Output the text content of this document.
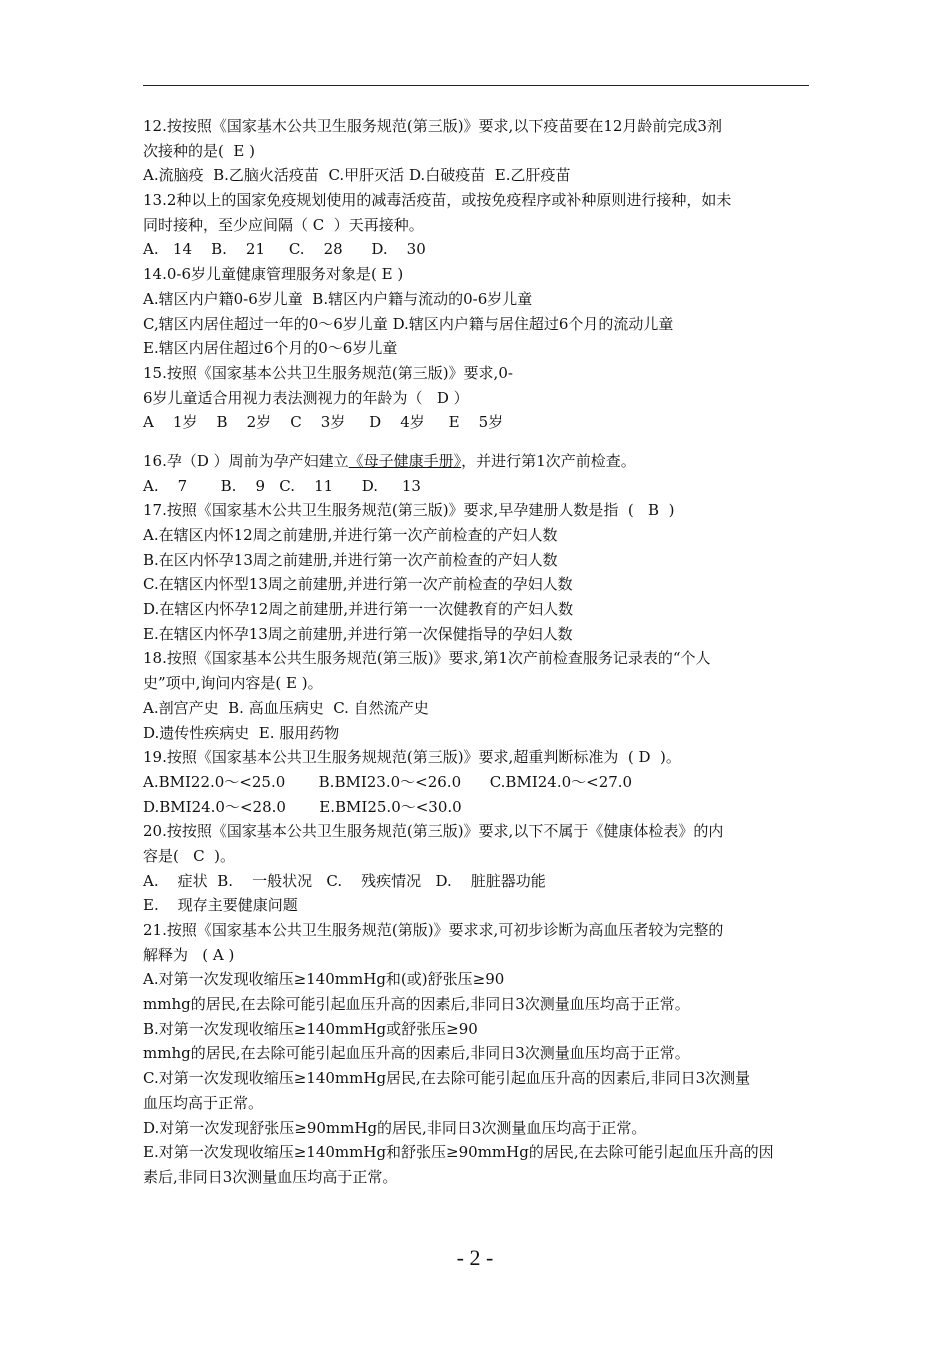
12.按按照《国家基木公共卫生服务规范(第三版)》要求,以下疫苗要在12月龄前完成3剂
次接种的是(  E )
A.流脑疫  B.乙脑火活疫苗  C.甲肝灭活 D.白破疫苗  E.乙肝疫苗
13.2种以上的国家免疫规划使用的减毒活疫苗，或按免疫程序或补种原则进行接种，如未
同时接种，至少应间隔（ C  ）天再接种。
A.   14    B.    21     C.    28      D.    30
14.0-6岁儿童健康管理服务对象是( E )
A.辖区内户籍0-6岁儿童  B.辖区内户籍与流动的0-6岁儿童
C,辖区内居住超过一年的0～6岁儿童 D.辖区内户籍与居住超过6个月的流动儿童
E.辖区内居住超过6个月的0～6岁儿童
15.按照《国家基本公共卫生服务规范(第三版)》要求,0-
6岁儿童适合用视力表法测视力的年龄为（   D ）
A    1岁    B    2岁    C    3岁     D    4岁     E    5岁
16.孕（D ）周前为孕产妇建立《母子健康手册》，并进行第1次产前检查。
A.    7       B.    9   C.    11      D.     13
17.按照《国家基木公共卫生服务规范(第三版)》要求,早孕建册人数是指  (   B  )
A.在辖区内怀12周之前建册,并进行第一次产前检查的产妇人数
B.在区内怀孕13周之前建册,并进行第一次产前检查的产妇人数
C.在辖区内怀型13周之前建册,并进行第一次产前检查的孕妇人数
D.在辖区内怀孕12周之前建册,并进行第一一次健教育的产妇人数
E.在辖区内怀孕13周之前建册,并进行第一次保健指导的孕妇人数
18.按照《国家基本公共生服务规范(第三版)》要求,第1次产前检查服务记录表的“个人
史”项中,询问内容是( E )。
A.剖宫产史  B. 高血压病史  C. 自然流产史
D.遗传性疾病史  E. 服用药物
19.按照《国家基本公共卫生服务规规范(第三版)》要求,超重判断标准为  ( D  )。
A.BMI22.0～<25.0       B.BMI23.0～<26.0      C.BMI24.0～<27.0
D.BMI24.0～<28.0       E.BMI25.0～<30.0
20.按按照《国家基本公共卫生服务规范(第三版)》要求,以下不属于《健康体检表》的内
容是(   C  )。
A.    症状  B.    一般状况   C.    残疾情况   D.    脏脏器功能
E.    现存主要健康问题
21.按照《国家基本公共卫生服务规范(第版)》要求求,可初步诊断为高血压者较为完整的
解释为   ( A )
A.对第一次发现收缩压≥140mmHg和(或)舒张压≥90
mmhg的居民,在去除可能引起血压升高的因素后,非同日3次测量血压均高于正常。
B.对第一次发现收缩压≥140mmHg或舒张压≥90
mmhg的居民,在去除可能引起血压升高的因素后,非同日3次测量血压均高于正常。
C.对第一次发现收缩压≥140mmHg居民,在去除可能引起血压升高的因素后,非同日3次测量
血压均高于正常。
D.对第一次发现舒张压≥90mmHg的居民,非同日3次测量血压均高于正常。
E.对第一次发现收缩压≥140mmHg和舒张压≥90mmHg的居民,在去除可能引起血压升高的因
素后,非同日3次测量血压均高于正常。
- 2 -
